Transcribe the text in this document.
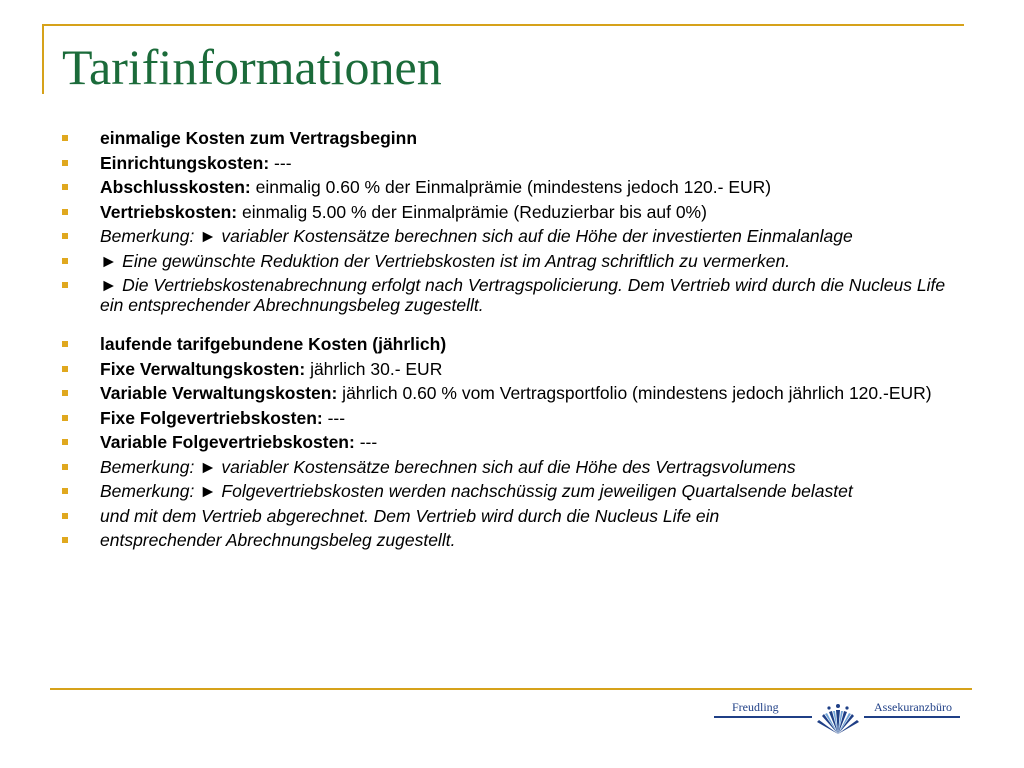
Tarifinformationen
einmalige Kosten zum Vertragsbeginn
Einrichtungskosten: ---
Abschlusskosten: einmalig 0.60 % der Einmalprämie (mindestens jedoch 120.- EUR)
Vertriebskosten: einmalig 5.00 % der Einmalprämie (Reduzierbar bis auf 0%)
Bemerkung: ► variabler Kostensätze berechnen sich auf die Höhe der investierten Einmalanlage
► Eine gewünschte Reduktion der Vertriebskosten ist im Antrag schriftlich zu vermerken.
► Die Vertriebskostenabrechnung erfolgt nach Vertragspolicierung. Dem Vertrieb wird durch die Nucleus Life ein entsprechender Abrechnungsbeleg zugestellt.
laufende tarifgebundene Kosten (jährlich)
Fixe Verwaltungskosten: jährlich 30.- EUR
Variable Verwaltungskosten: jährlich 0.60 % vom Vertragsportfolio (mindestens jedoch jährlich 120.-EUR)
Fixe Folgevertriebskosten: ---
Variable Folgevertriebskosten: ---
Bemerkung: ► variabler Kostensätze berechnen sich auf die Höhe des Vertragsvolumens
Bemerkung: ► Folgevertriebskosten werden nachschüssig zum jeweiligen Quartalsende belastet
und mit dem Vertrieb abgerechnet. Dem Vertrieb wird durch die Nucleus Life ein
entsprechender Abrechnungsbeleg zugestellt.
Freudling	Assekuranzbüro
